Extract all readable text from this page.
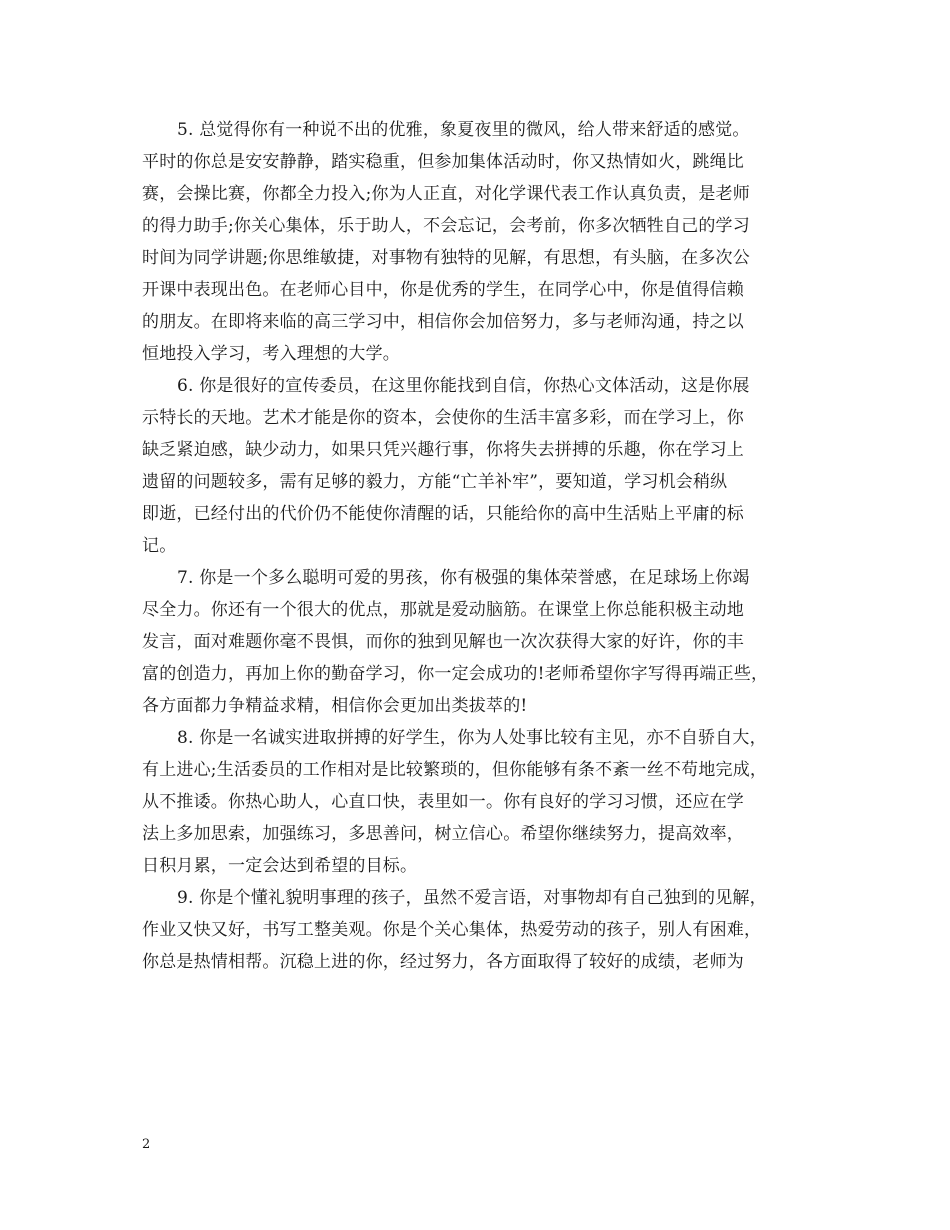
5. 总觉得你有一种说不出的优雅，象夏夜里的微风，给人带来舒适的感觉。
平时的你总是安安静静，踏实稳重，但参加集体活动时，你又热情如火，跳绳比
赛，会操比赛，你都全力投入;你为人正直，对化学课代表工作认真负责，是老师
的得力助手;你关心集体，乐于助人，不会忘记，会考前，你多次牺牲自己的学习
时间为同学讲题;你思维敏捷，对事物有独特的见解，有思想，有头脑，在多次公
开课中表现出色。在老师心目中，你是优秀的学生，在同学心中，你是值得信赖
的朋友。在即将来临的高三学习中，相信你会加倍努力，多与老师沟通，持之以
恒地投入学习，考入理想的大学。
6. 你是很好的宣传委员，在这里你能找到自信，你热心文体活动，这是你展
示特长的天地。艺术才能是你的资本，会使你的生活丰富多彩，而在学习上，你
缺乏紧迫感，缺少动力，如果只凭兴趣行事，你将失去拼搏的乐趣，你在学习上
遗留的问题较多，需有足够的毅力，方能“亡羊补牢”，要知道，学习机会稍纵
即逝，已经付出的代价仍不能使你清醒的话，只能给你的高中生活贴上平庸的标
记。
7. 你是一个多么聪明可爱的男孩，你有极强的集体荣誉感，在足球场上你竭
尽全力。你还有一个很大的优点，那就是爱动脑筋。在课堂上你总能积极主动地
发言，面对难题你毫不畏惧，而你的独到见解也一次次获得大家的好许，你的丰
富的创造力，再加上你的勤奋学习，你一定会成功的!老师希望你字写得再端正些，
各方面都力争精益求精，相信你会更加出类拔萃的!
8. 你是一名诚实进取拼搏的好学生，你为人处事比较有主见，亦不自骄自大，
有上进心;生活委员的工作相对是比较繁琐的，但你能够有条不紊一丝不苟地完成，
从不推诿。你热心助人，心直口快，表里如一。你有良好的学习习惯，还应在学
法上多加思索，加强练习，多思善问，树立信心。希望你继续努力，提高效率，
日积月累，一定会达到希望的目标。
9. 你是个懂礼貌明事理的孩子，虽然不爱言语，对事物却有自己独到的见解，
作业又快又好，书写工整美观。你是个关心集体，热爱劳动的孩子，别人有困难，
你总是热情相帮。沉稳上进的你，经过努力，各方面取得了较好的成绩，老师为
2
